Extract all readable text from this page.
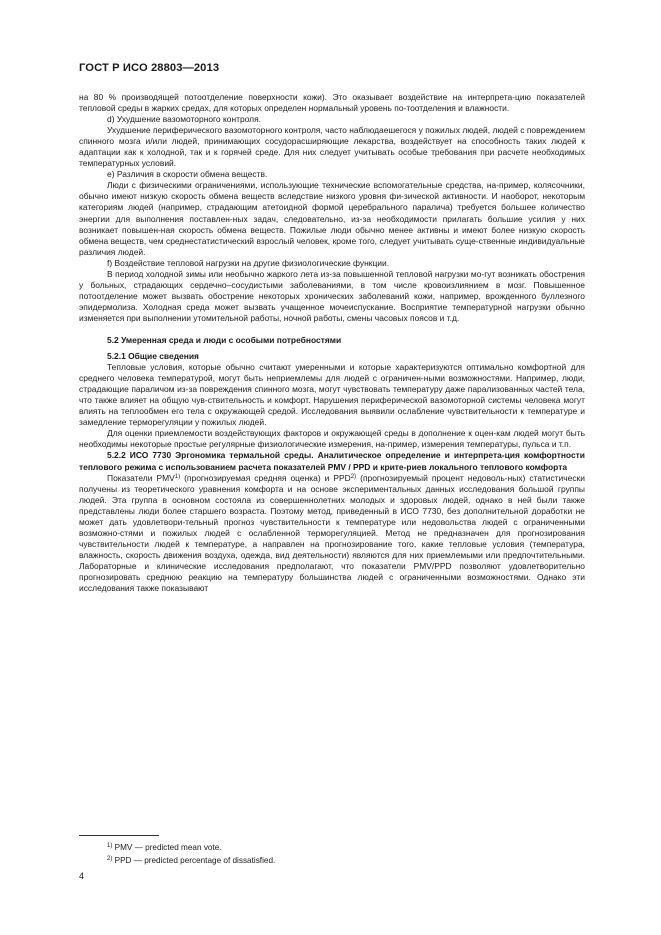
ГОСТ Р ИСО 28803—2013

на 80 % производящей потоотделение поверхности кожи). Это оказывает воздействие на интерпрета-цию показателей тепловой среды в жарких средах, для которых определен нормальный уровень по-тоотделения и влажности.

d) Ухудшение вазомоторного контроля.

Ухудшение периферического вазомоторного контроля, часто наблюдаешегося у пожилых людей, людей с повреждением спинного мозга и/или людей, принимающих сосудорасширяющие лекарства, воздействует на способность таких людей к адаптации как к холодной, так и к горячей среде. Для них следует учитывать особые требования при расчете необходимых температурных условий.

e) Различия в скорости обмена веществ.

Люди с физическими ограничениями, использующие технические вспомогательные средства, на-пример, колясочники, обычно имеют низкую скорость обмена веществ вследствие низкого уровня фи-зической активности. И наоборот, некоторым категориям людей (например, страдающим атетоидной формой церебрального паралича) требуется большее количество энергии для выполнения поставлен-ных задач, следовательно, из-за необходимости прилагать большие усилия у них возникает повышен-ная скорость обмена веществ. Пожилые люди обычно менее активны и имеют более низкую скорость обмена веществ, чем среднестатистический взрослый человек, кроме того, следует учитывать суще-ственные индивидуальные различия людей.

f) Воздействие тепловой нагрузки на другие физиологические функции.

В период холодной зимы или необычно жаркого лета из-за повышенной тепловой нагрузки мо-гут возникать обострения у больных, страдающих сердечно–сосудистыми заболеваниями, в том числе кровоизлиянием в мозг. Повышенное потоотделение может вызвать обострение некоторых хронических заболеваний кожи, например, врожденного буллезного эпидермолиза. Холодная среда может вызвать учащенное мочеиспускание. Восприятие температурной нагрузки обычно изменяется при выполнении утомительной работы, ночной работы, смены часовых поясов и т.д.

5.2 Умеренная среда и люди с особыми потребностями

5.2.1 Общие сведения

Тепловые условия, которые обычно считают умеренными и которые характеризуются оптимально комфортной для среднего человека температурой, могут быть неприемлемы для людей с ограничен-ными возможностями. Например, люди, страдающие параличом из-за повреждения спинного мозга, могут чувствовать температуру даже парализованных частей тела, что также влияет на общую чув-ствительность и комфорт. Нарушения периферической вазомоторной системы человека могут влиять на теплообмен его тела с окружающей средой. Исследования выявили ослабление чувствительности к температуре и замедление терморегуляции у пожилых людей.

Для оценки приемлемости воздействующих факторов и окружающей среды в дополнение к оцен-кам людей могут быть необходимы некоторые простые регулярные физиологические измерения, на-пример, измерения температуры, пульса и т.п.

5.2.2 ИСО 7730 Эргономика термальной среды. Аналитическое определение и интерпрета-ция комфортности теплового режима с использованием расчета показателей PMV / PPD и крите-риев локального теплового комфорта

Показатели PMV$^{1)}$ (прогнозируемая средняя оценка) и PPD$^{2)}$ (прогнозируемый процент недоволь-ных) статистически получены из теоретического уравнения комфорта и на основе экспериментальных данных исследования большой группы людей. Эта группа в основном состояла из совершеннолетних молодых и здоровых людей, однако в ней были также представлены люди более старшего возраста. Поэтому метод, приведенный в ИСО 7730, без дополнительной доработки не может дать удовлетвори-тельный прогноз чувствительности к температуре или недовольства людей с ограниченными возможно-стями и пожилых людей с ослабленной терморегуляцией. Метод не предназначен для прогнозирования чувствительности людей к температуре, а направлен на прогнозирование того, какие тепловые условия (температура, влажность, скорость движения воздуха, одежда, вид деятельности) являются для них приемлемыми или предпочтительными. Лабораторные и клинические исследования предполагают, что показатели PMV/PPD позволяют удовлетворительно прогнозировать среднюю реакцию на температуру большинства людей с ограниченными возможностями. Однако эти исследования также показывают

$^{1)}$ PMV — predicted mean vote.

$^{2)}$ PPD — predicted percentage of dissatisfied.

4
